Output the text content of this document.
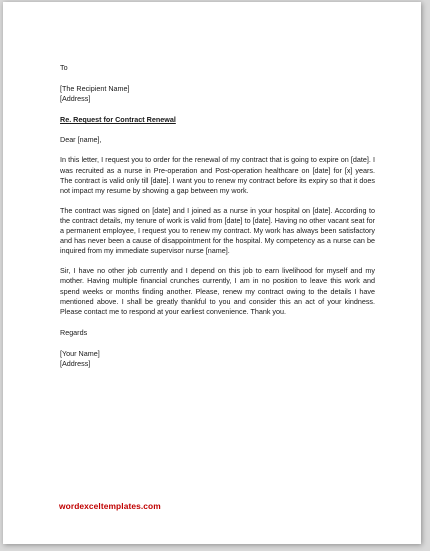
To
[The Recipient Name]
[Address]
Re. Request for Contract Renewal
Dear [name],

In this letter, I request you to order for the renewal of my contract that is going to expire on [date]. I was recruited as a nurse in Pre-operation and Post-operation healthcare on [date] for [x] years. The contract is valid only till [date]. I want you to renew my contract before its expiry so that it does not impact my resume by showing a gap between my work.

The contract was signed on [date] and I joined as a nurse in your hospital on [date]. According to the contract details, my tenure of work is valid from [date] to [date]. Having no other vacant seat for a permanent employee, I request you to renew my contract. My work has always been satisfactory and has never been a cause of disappointment for the hospital. My competency as a nurse can be inquired from my immediate supervisor nurse [name].

Sir, I have no other job currently and I depend on this job to earn livelihood for myself and my mother. Having multiple financial crunches currently, I am in no position to leave this work and spend weeks or months finding another. Please, renew my contract owing to the details I have mentioned above. I shall be greatly thankful to you and consider this an act of your kindness. Please contact me to respond at your earliest convenience. Thank you.

Regards
[Your Name]
[Address]
wordexceltemplates.com
